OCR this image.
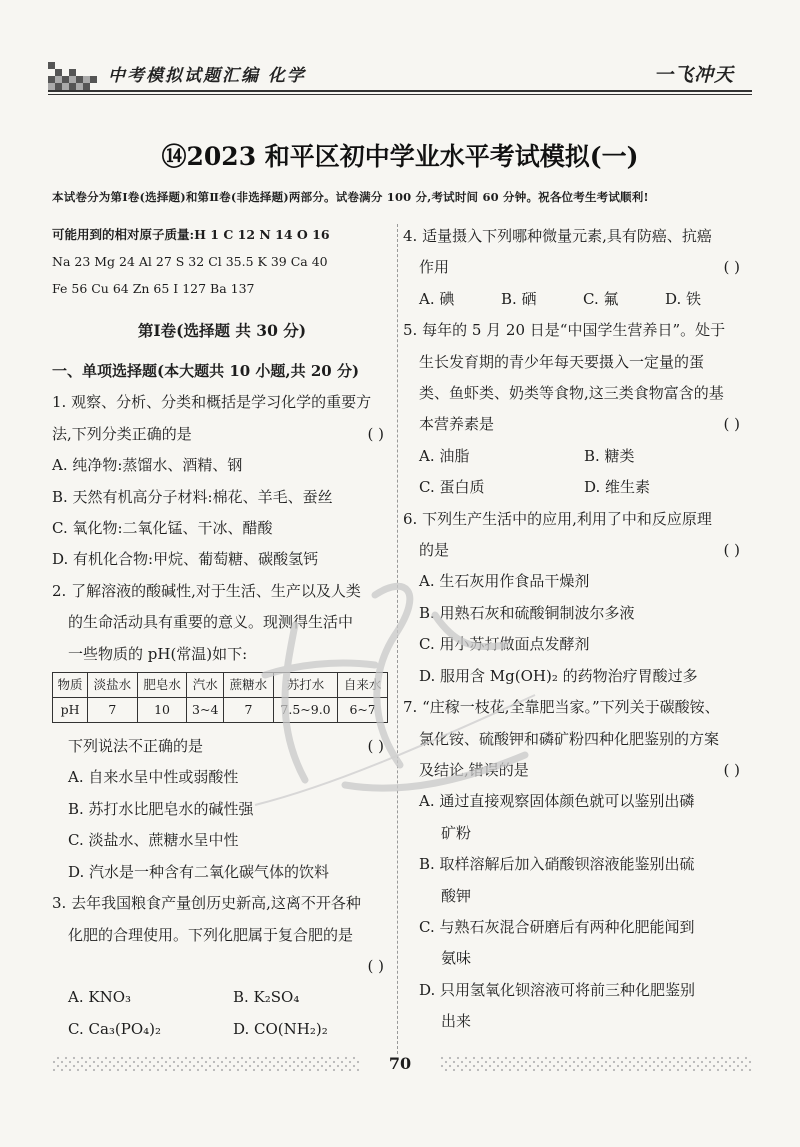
中考模拟试题汇编 化学	一飞冲天
⑭2023 和平区初中学业水平考试模拟(一)
本试卷分为第Ⅰ卷(选择题)和第Ⅱ卷(非选择题)两部分。试卷满分 100 分,考试时间 60 分钟。祝各位考生考试顺利!
可能用到的相对原子质量:H 1 C 12 N 14 O 16
Na 23 Mg 24 Al 27 S 32 Cl 35.5 K 39 Ca 40
Fe 56 Cu 64 Zn 65 I 127 Ba 137
第Ⅰ卷(选择题 共 30 分)
一、单项选择题(本大题共 10 小题,共 20 分)
1. 观察、分析、分类和概括是学习化学的重要方
法,下列分类正确的是	( )
A. 纯净物:蒸馏水、酒精、钢
B. 天然有机高分子材料:棉花、羊毛、蚕丝
C. 氧化物:二氧化锰、干冰、醋酸
D. 有机化合物:甲烷、葡萄糖、碳酸氢钙
2. 了解溶液的酸碱性,对于生活、生产以及人类
的生命活动具有重要的意义。现测得生活中
一些物质的 pH(常温)如下:
物质	淡盐水	肥皂水	汽水	蔗糖水	苏打水	自来水
pH	7	10	3~4	7	7.5~9.0	6~7
下列说法不正确的是	( )
A. 自来水呈中性或弱酸性
B. 苏打水比肥皂水的碱性强
C. 淡盐水、蔗糖水呈中性
D. 汽水是一种含有二氧化碳气体的饮料
3. 去年我国粮食产量创历史新高,这离不开各种
化肥的合理使用。下列化肥属于复合肥的是

( )
A. KNO₃	B. K₂SO₄
C. Ca₃(PO₄)₂	D. CO(NH₂)₂
4. 适量摄入下列哪种微量元素,具有防癌、抗癌
作用	( )
A. 碘	B. 硒	C. 氟	D. 铁
5. 每年的 5 月 20 日是“中国学生营养日”。处于
生长发育期的青少年每天要摄入一定量的蛋
类、鱼虾类、奶类等食物,这三类食物富含的基
本营养素是	( )
A. 油脂	B. 糖类
C. 蛋白质	D. 维生素
6. 下列生产生活中的应用,利用了中和反应原理
的是	( )
A. 生石灰用作食品干燥剂
B. 用熟石灰和硫酸铜制波尔多液
C. 用小苏打做面点发酵剂
D. 服用含 Mg(OH)₂ 的药物治疗胃酸过多
7. “庄稼一枝花,全靠肥当家。”下列关于碳酸铵、
氯化铵、硫酸钾和磷矿粉四种化肥鉴别的方案
及结论,错误的是	( )
A. 通过直接观察固体颜色就可以鉴别出磷
矿粉
B. 取样溶解后加入硝酸钡溶液能鉴别出硫
酸钾
C. 与熟石灰混合研磨后有两种化肥能闻到
氨味
D. 只用氢氧化钡溶液可将前三种化肥鉴别
出来
70
